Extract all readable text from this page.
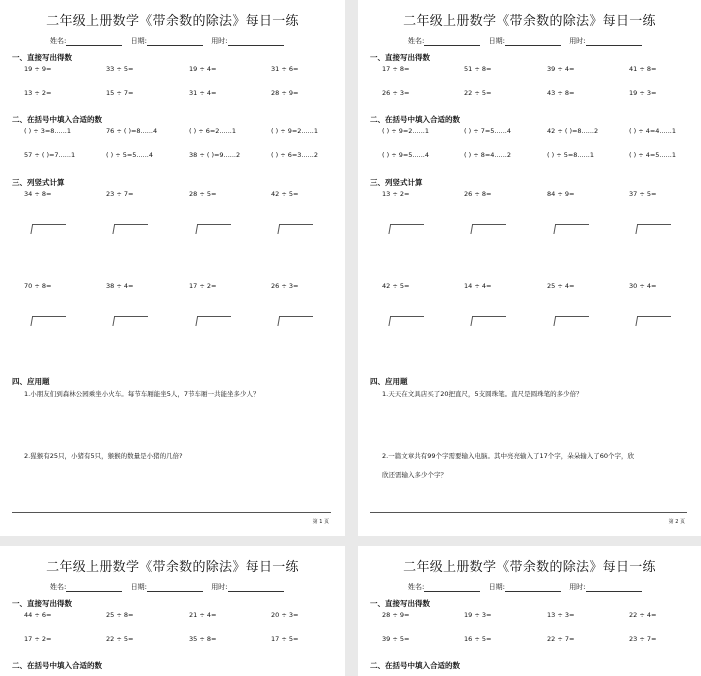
二年级上册数学《带余数的除法》每日一练
姓名:	日期:	用时:
一、直接写出得数
19 ÷ 9=	33 ÷ 5=	19 ÷ 4=	31 ÷ 6=
13 ÷ 2=	15 ÷ 7=	31 ÷ 4=	28 ÷ 9=
二、在括号中填入合适的数
( ) ÷ 3=8......1	76 ÷ ( )=8......4	( ) ÷ 6=2......1	( ) ÷ 9=2......1
57 ÷ ( )=7......1	( ) ÷ 5=5......4	38 ÷ ( )=9......2	( ) ÷ 6=3......2
三、列竖式计算
34 ÷ 8=	23 ÷ 7=	28 ÷ 5=	42 ÷ 5=
70 ÷ 8=	38 ÷ 4=	17 ÷ 2=	26 ÷ 3=
四、应用题
1.小朋友们到森林公园乘坐小火车。每节车厢能坐5人，7节车厢一共能坐多少人？
2.猩猴有25只，小猪有5只，猴猴的数量是小猪的几倍?
第 1 页
二年级上册数学《带余数的除法》每日一练
姓名:	日期:	用时:
一、直接写出得数
17 ÷ 8=	51 ÷ 8=	39 ÷ 4=	41 ÷ 8=
26 ÷ 3=	22 ÷ 5=	43 ÷ 8=	19 ÷ 3=
二、在括号中填入合适的数
( ) ÷ 9=2......1	( ) ÷ 7=5......4	42 ÷ ( )=8......2	( ) ÷ 4=4......1
( ) ÷ 9=5......4	( ) ÷ 8=4......2	( ) ÷ 5=8......1	( ) ÷ 4=5......1
三、列竖式计算
13 ÷ 2=	26 ÷ 8=	84 ÷ 9=	37 ÷ 5=
42 ÷ 5=	14 ÷ 4=	25 ÷ 4=	30 ÷ 4=
四、应用题
1.天天在文具店买了20把直尺，5支圆珠笔。直尺是圆珠笔的多少倍？
2.一篇文章共有99个字需要输入电脑。其中亮亮输入了17个字，朵朵输入了60个字，欣
欣还需输入多少个字？
第 2 页
二年级上册数学《带余数的除法》每日一练
姓名:	日期:	用时:
一、直接写出得数
44 ÷ 6=	25 ÷ 8=	21 ÷ 4=	20 ÷ 3=
17 ÷ 2=	22 ÷ 5=	35 ÷ 8=	17 ÷ 5=
二、在括号中填入合适的数
二年级上册数学《带余数的除法》每日一练
姓名:	日期:	用时:
一、直接写出得数
28 ÷ 9=	19 ÷ 3=	13 ÷ 3=	22 ÷ 4=
39 ÷ 5=	16 ÷ 5=	22 ÷ 7=	23 ÷ 7=
二、在括号中填入合适的数
